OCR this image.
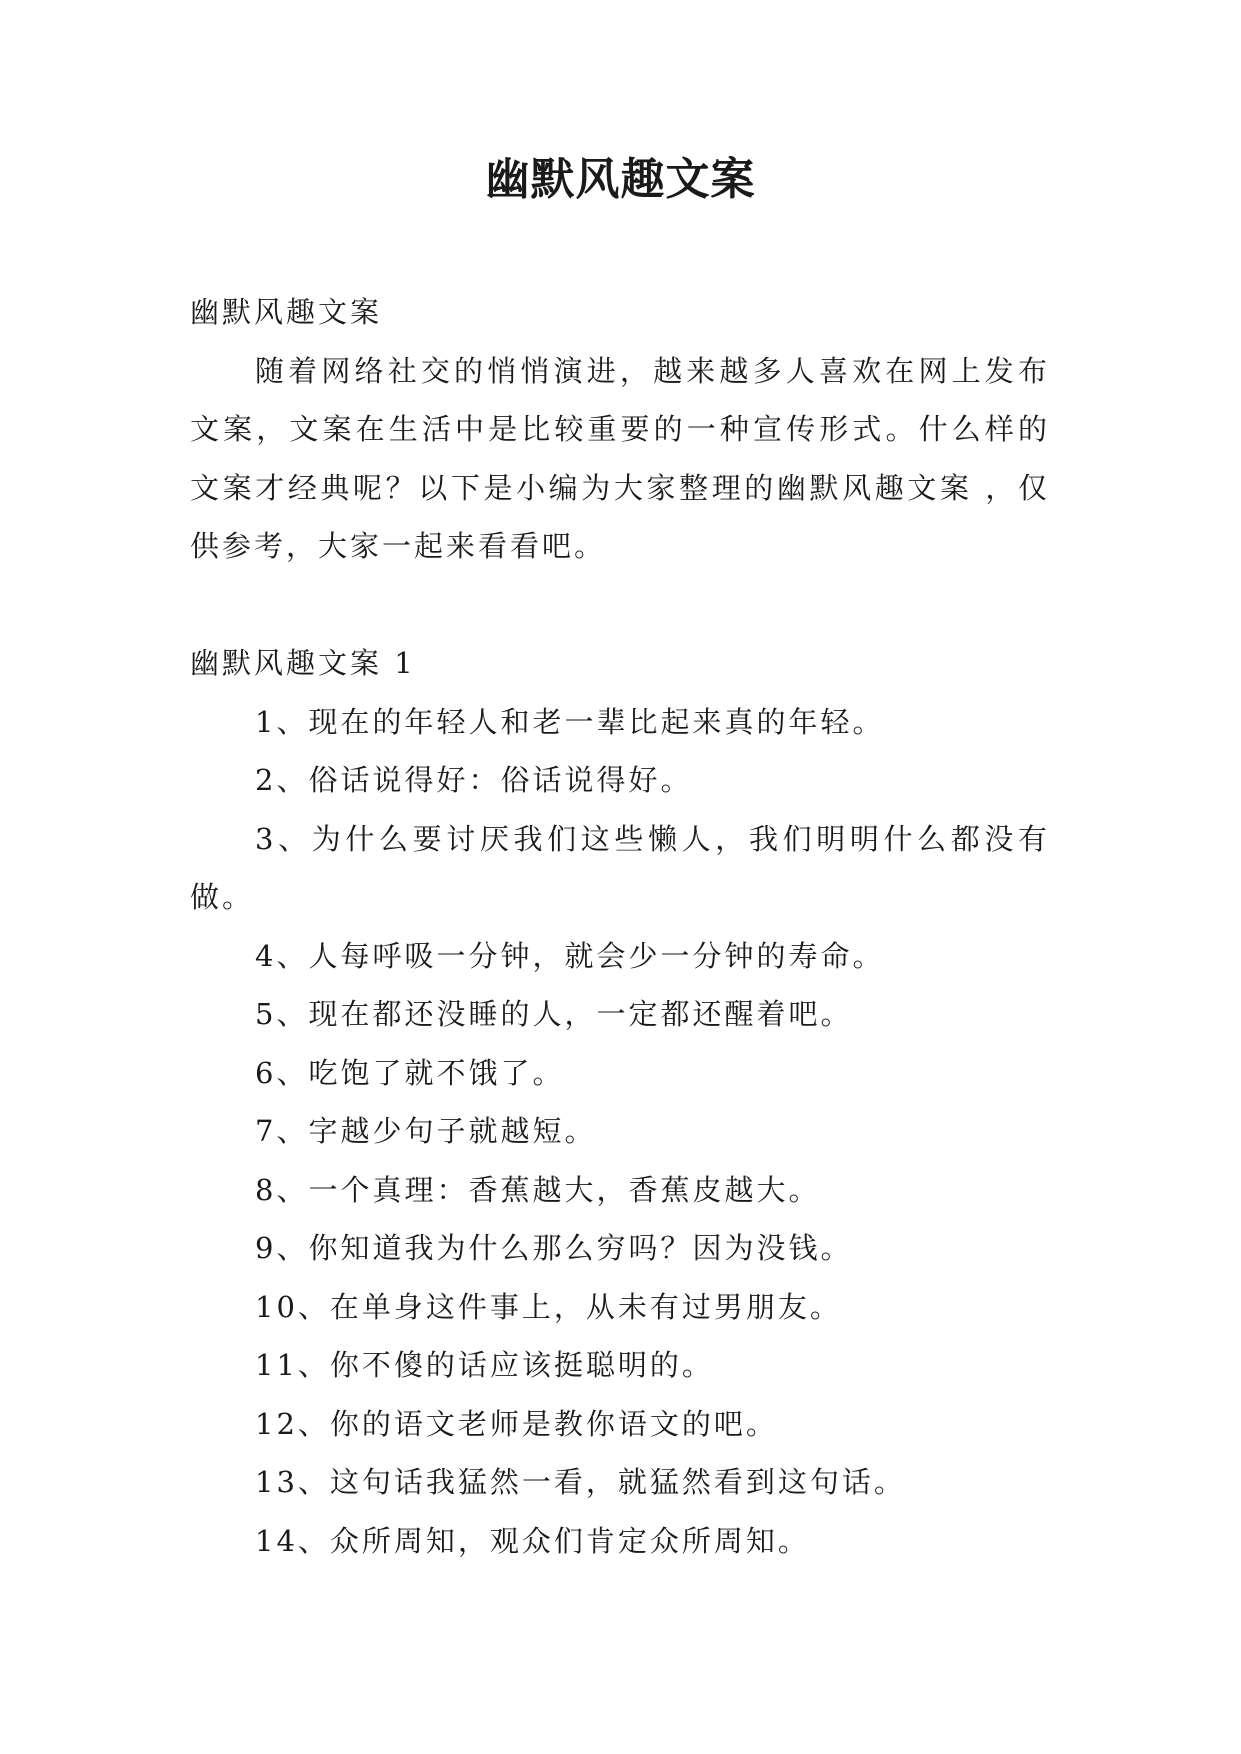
幽默风趣文案

幽默风趣文案

随着网络社交的悄悄演进，越来越多人喜欢在网上发布文案，文案在生活中是比较重要的一种宣传形式。什么样的文案才经典呢？以下是小编为大家整理的幽默风趣文案 ，仅供参考，大家一起来看看吧。

幽默风趣文案 1

1、现在的年轻人和老一辈比起来真的年轻。

2、俗话说得好：俗话说得好。

3、为什么要讨厌我们这些懒人，我们明明什么都没有做。

4、人每呼吸一分钟，就会少一分钟的寿命。

5、现在都还没睡的人，一定都还醒着吧。

6、吃饱了就不饿了。

7、字越少句子就越短。

8、一个真理：香蕉越大，香蕉皮越大。

9、你知道我为什么那么穷吗？因为没钱。

10、在单身这件事上，从未有过男朋友。

11、你不傻的话应该挺聪明的。

12、你的语文老师是教你语文的吧。

13、这句话我猛然一看，就猛然看到这句话。

14、众所周知，观众们肯定众所周知。
